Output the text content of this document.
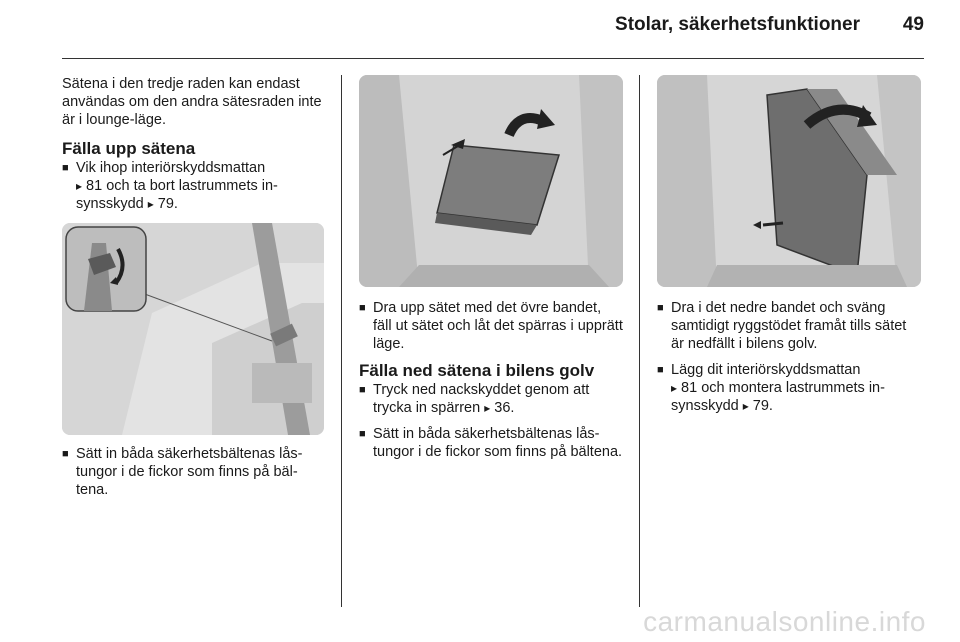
Stolar, säkerhetsfunktioner 49

Sätena i den tredje raden kan endast användas om den andra sätesraden inte är i lounge-läge.

Fälla upp sätena
■ Vik ihop interiörskyddsmattan
▸ 81 och ta bort lastrummets insynsskydd ▸ 79.
■ Sätt in båda säkerhetsbältenas låstungor i de fickor som finns på bältena.
■ Dra upp sätet med det övre bandet, fäll ut sätet och låt det spärras i upprätt läge.
Fälla ned sätena i bilens golv
■ Tryck ned nackskyddet genom att trycka in spärren ▸ 36.
■ Sätt in båda säkerhetsbältenas låstungor i de fickor som finns på bältena.
■ Dra i det nedre bandet och sväng samtidigt ryggstödet framåt tills sätet är nedfällt i bilens golv.
■ Lägg dit interiörskyddsmattan
▸ 81 och montera lastrummets insynsskydd ▸ 79.
carmanualsonline.info
